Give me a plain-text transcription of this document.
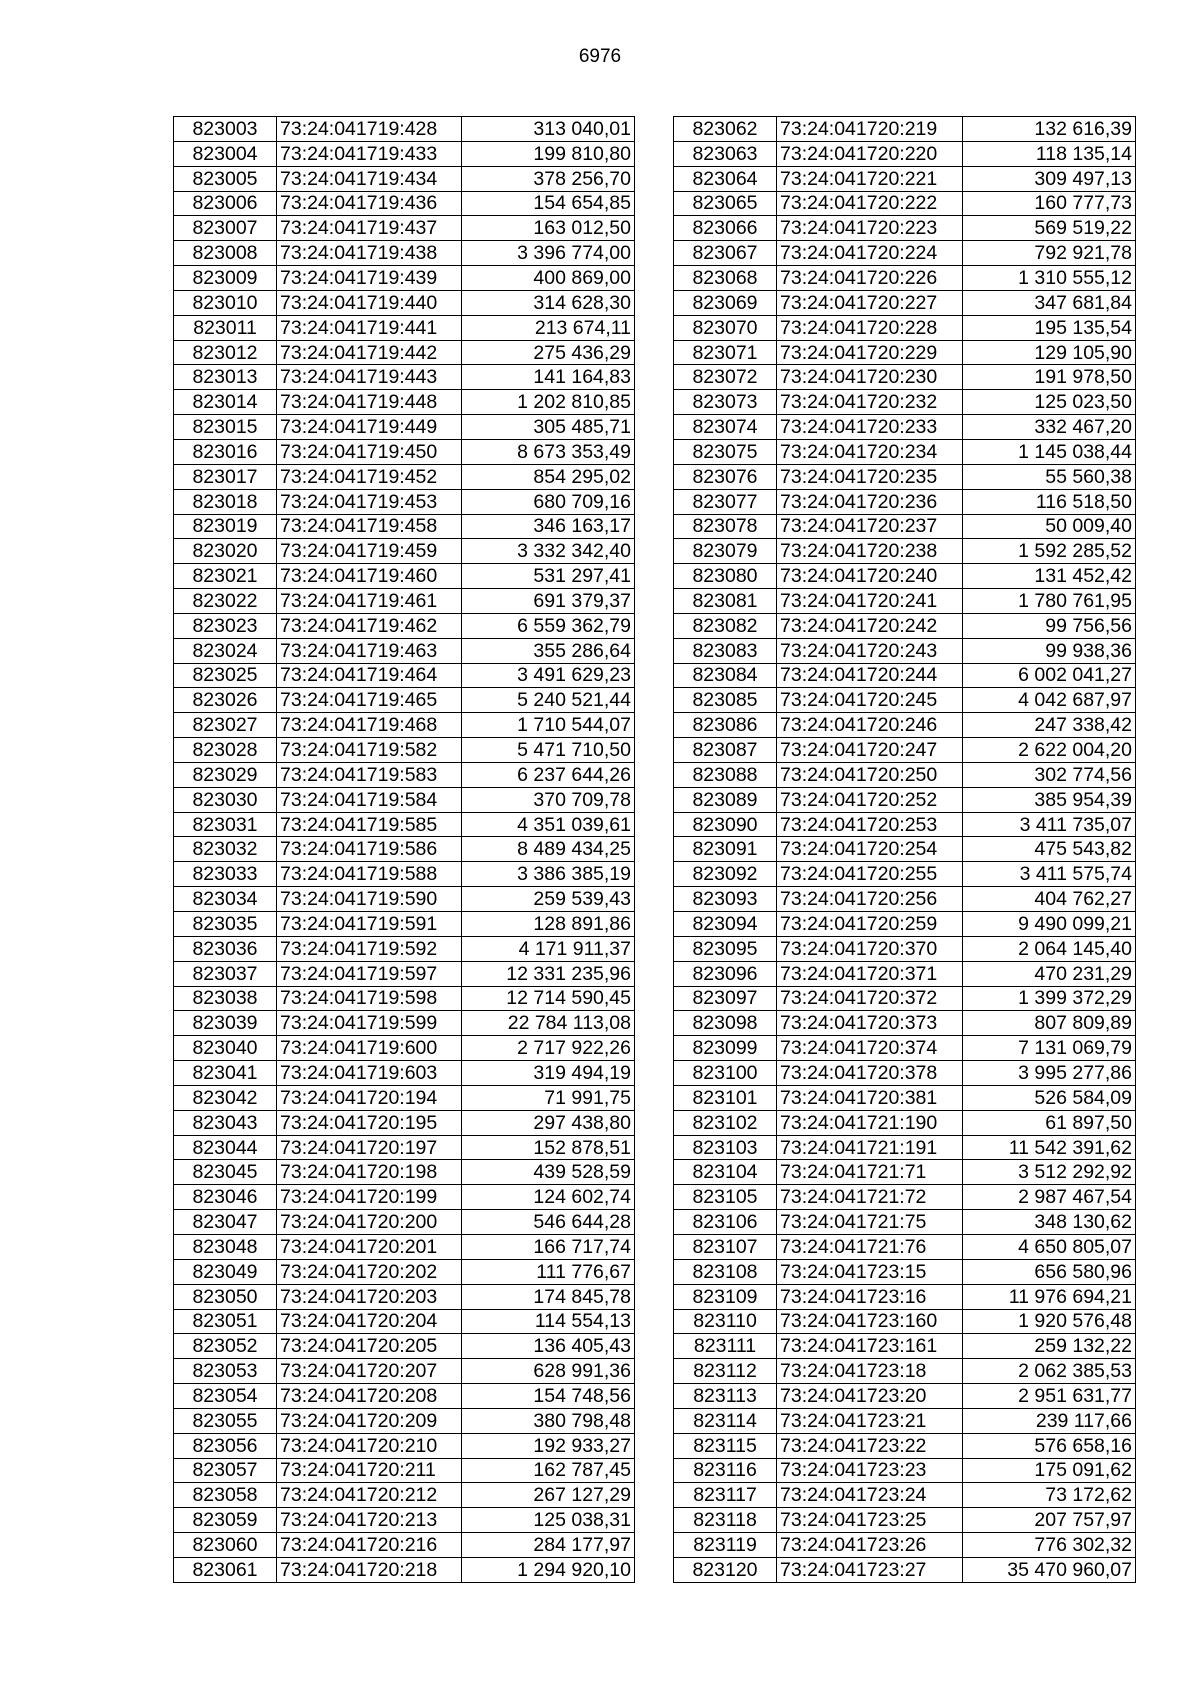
6976
823003	73:24:041719:428	313 040,01
823004	73:24:041719:433	199 810,80
823005	73:24:041719:434	378 256,70
823006	73:24:041719:436	154 654,85
823007	73:24:041719:437	163 012,50
823008	73:24:041719:438	3 396 774,00
823009	73:24:041719:439	400 869,00
823010	73:24:041719:440	314 628,30
823011	73:24:041719:441	213 674,11
823012	73:24:041719:442	275 436,29
823013	73:24:041719:443	141 164,83
823014	73:24:041719:448	1 202 810,85
823015	73:24:041719:449	305 485,71
823016	73:24:041719:450	8 673 353,49
823017	73:24:041719:452	854 295,02
823018	73:24:041719:453	680 709,16
823019	73:24:041719:458	346 163,17
823020	73:24:041719:459	3 332 342,40
823021	73:24:041719:460	531 297,41
823022	73:24:041719:461	691 379,37
823023	73:24:041719:462	6 559 362,79
823024	73:24:041719:463	355 286,64
823025	73:24:041719:464	3 491 629,23
823026	73:24:041719:465	5 240 521,44
823027	73:24:041719:468	1 710 544,07
823028	73:24:041719:582	5 471 710,50
823029	73:24:041719:583	6 237 644,26
823030	73:24:041719:584	370 709,78
823031	73:24:041719:585	4 351 039,61
823032	73:24:041719:586	8 489 434,25
823033	73:24:041719:588	3 386 385,19
823034	73:24:041719:590	259 539,43
823035	73:24:041719:591	128 891,86
823036	73:24:041719:592	4 171 911,37
823037	73:24:041719:597	12 331 235,96
823038	73:24:041719:598	12 714 590,45
823039	73:24:041719:599	22 784 113,08
823040	73:24:041719:600	2 717 922,26
823041	73:24:041719:603	319 494,19
823042	73:24:041720:194	71 991,75
823043	73:24:041720:195	297 438,80
823044	73:24:041720:197	152 878,51
823045	73:24:041720:198	439 528,59
823046	73:24:041720:199	124 602,74
823047	73:24:041720:200	546 644,28
823048	73:24:041720:201	166 717,74
823049	73:24:041720:202	111 776,67
823050	73:24:041720:203	174 845,78
823051	73:24:041720:204	114 554,13
823052	73:24:041720:205	136 405,43
823053	73:24:041720:207	628 991,36
823054	73:24:041720:208	154 748,56
823055	73:24:041720:209	380 798,48
823056	73:24:041720:210	192 933,27
823057	73:24:041720:211	162 787,45
823058	73:24:041720:212	267 127,29
823059	73:24:041720:213	125 038,31
823060	73:24:041720:216	284 177,97
823061	73:24:041720:218	1 294 920,10
823062	73:24:041720:219	132 616,39
823063	73:24:041720:220	118 135,14
823064	73:24:041720:221	309 497,13
823065	73:24:041720:222	160 777,73
823066	73:24:041720:223	569 519,22
823067	73:24:041720:224	792 921,78
823068	73:24:041720:226	1 310 555,12
823069	73:24:041720:227	347 681,84
823070	73:24:041720:228	195 135,54
823071	73:24:041720:229	129 105,90
823072	73:24:041720:230	191 978,50
823073	73:24:041720:232	125 023,50
823074	73:24:041720:233	332 467,20
823075	73:24:041720:234	1 145 038,44
823076	73:24:041720:235	55 560,38
823077	73:24:041720:236	116 518,50
823078	73:24:041720:237	50 009,40
823079	73:24:041720:238	1 592 285,52
823080	73:24:041720:240	131 452,42
823081	73:24:041720:241	1 780 761,95
823082	73:24:041720:242	99 756,56
823083	73:24:041720:243	99 938,36
823084	73:24:041720:244	6 002 041,27
823085	73:24:041720:245	4 042 687,97
823086	73:24:041720:246	247 338,42
823087	73:24:041720:247	2 622 004,20
823088	73:24:041720:250	302 774,56
823089	73:24:041720:252	385 954,39
823090	73:24:041720:253	3 411 735,07
823091	73:24:041720:254	475 543,82
823092	73:24:041720:255	3 411 575,74
823093	73:24:041720:256	404 762,27
823094	73:24:041720:259	9 490 099,21
823095	73:24:041720:370	2 064 145,40
823096	73:24:041720:371	470 231,29
823097	73:24:041720:372	1 399 372,29
823098	73:24:041720:373	807 809,89
823099	73:24:041720:374	7 131 069,79
823100	73:24:041720:378	3 995 277,86
823101	73:24:041720:381	526 584,09
823102	73:24:041721:190	61 897,50
823103	73:24:041721:191	11 542 391,62
823104	73:24:041721:71	3 512 292,92
823105	73:24:041721:72	2 987 467,54
823106	73:24:041721:75	348 130,62
823107	73:24:041721:76	4 650 805,07
823108	73:24:041723:15	656 580,96
823109	73:24:041723:16	11 976 694,21
823110	73:24:041723:160	1 920 576,48
823111	73:24:041723:161	259 132,22
823112	73:24:041723:18	2 062 385,53
823113	73:24:041723:20	2 951 631,77
823114	73:24:041723:21	239 117,66
823115	73:24:041723:22	576 658,16
823116	73:24:041723:23	175 091,62
823117	73:24:041723:24	73 172,62
823118	73:24:041723:25	207 757,97
823119	73:24:041723:26	776 302,32
823120	73:24:041723:27	35 470 960,07
